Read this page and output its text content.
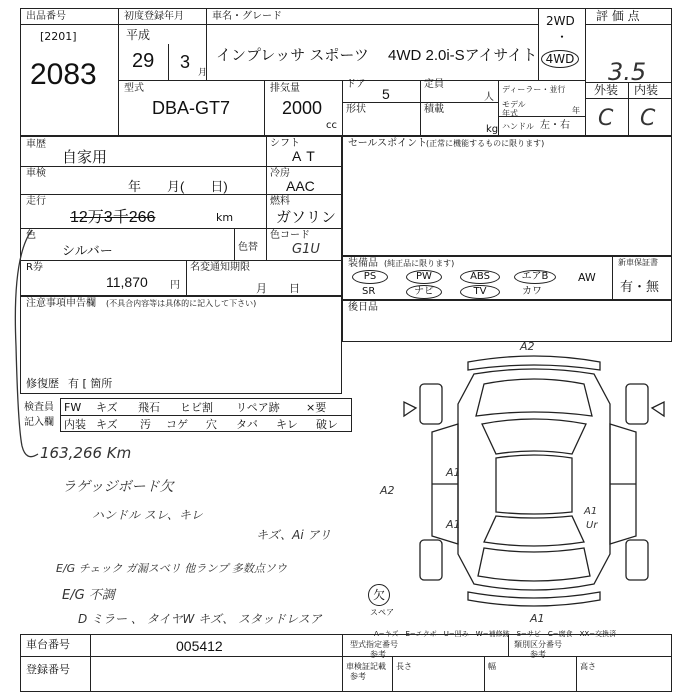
出品番号
[2201]
2083
初度登録年月
平成
29 3
月
車名・グレード
インプレッサ スポーツ 4WD 2.0i-Sアイサイト
2WD
・
4WD
評 価 点
3.5
外装 内装
C C
型式
DBA-GT7
排気量
2000
cc
ドア
5
定員
人
形状	積載
kg
ディーラー・並行
モデル年式	年
ハンドル 左・右
車歴
自家用
シフト
AT
車検
年　　月(　　日)
冷房
AAC
走行
12万3千266	km
燃料
ガソリン
色
シルバー	色替
色コード
G1U
R券
11,870 円
名変通知期限
月　　日
セールスポイント
(正常に機能するものに限ります)
装備品 (純正品に限ります)	新車保証書
有・無
PS	PW	ABS	エアB	AW
SR	ナビ	TV	カワ
後日品
注意事項申告欄 (不具合内容等は具体的に記入して下さい)
修復歴 有 [ 箇所
検査員
記入欄
FW キズ 飛石 ヒビ割 リペア跡 ×要
内装 キズ 汚 コゲ 穴 タバ キレ 破レ
163,266 Km
ラゲッジボード欠
ハンドル スレ、キレ
キズ、Ai アリ
E/G チェック ガ漏スベリ 他ランプ 多数点ソウ
E/G 不調
D ミラー 、 タイヤW キズ、 スタッドレスア
A2
A2
A1
A1
A1
A1
Ur
欠
スペア
A−キズ　E−エクボ　U−凹み　W−補修跡　S−サビ　C−腐食　XX−交換済
車台番号	005412
登録番号
型式指定番号
参考
類別区分番号
参考
車検証記載
参考
長さ	幅	高さ
